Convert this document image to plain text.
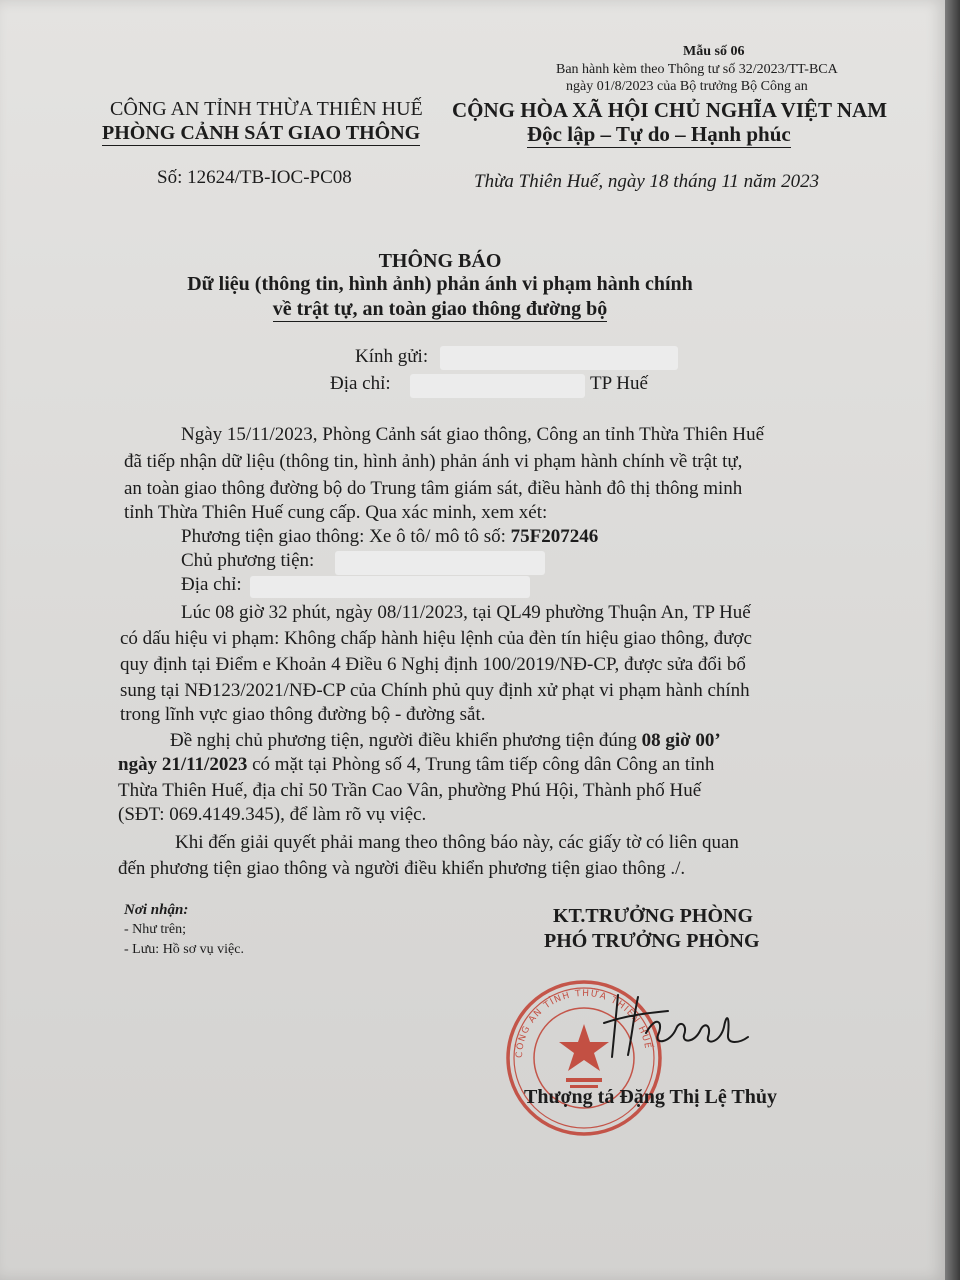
Mẫu số 06
Ban hành kèm theo Thông tư số 32/2023/TT-BCA
ngày 01/8/2023 của Bộ trưởng Bộ Công an
CÔNG AN TỈNH THỪA THIÊN HUẾ
PHÒNG CẢNH SÁT GIAO THÔNG
CỘNG HÒA XÃ HỘI CHỦ NGHĨA VIỆT NAM
Độc lập – Tự do – Hạnh phúc
Số: 12624/TB-IOC-PC08	Thừa Thiên Huế, ngày 18 tháng 11 năm 2023
THÔNG BÁO
Dữ liệu (thông tin, hình ảnh) phản ánh vi phạm hành chính
về trật tự, an toàn giao thông đường bộ
Kính gửi:
Địa chỉ:	TP Huế
Ngày 15/11/2023, Phòng Cảnh sát giao thông, Công an tỉnh Thừa Thiên Huế
đã tiếp nhận dữ liệu (thông tin, hình ảnh) phản ánh vi phạm hành chính về trật tự,
an toàn giao thông đường bộ do Trung tâm giám sát, điều hành đô thị thông minh
tỉnh Thừa Thiên Huế cung cấp. Qua xác minh, xem xét:
Phương tiện giao thông: Xe ô tô/ mô tô số: 75F207246
Chủ phương tiện:
Địa chỉ:
Lúc 08 giờ 32 phút, ngày 08/11/2023, tại QL49 phường Thuận An, TP Huế
có dấu hiệu vi phạm: Không chấp hành hiệu lệnh của đèn tín hiệu giao thông, được
quy định tại Điểm e Khoản 4 Điều 6 Nghị định 100/2019/NĐ-CP, được sửa đổi bổ
sung tại NĐ123/2021/NĐ-CP của Chính phủ quy định xử phạt vi phạm hành chính
trong lĩnh vực giao thông đường bộ - đường sắt.
Đề nghị chủ phương tiện, người điều khiển phương tiện đúng 08 giờ 00’
ngày 21/11/2023 có mặt tại Phòng số 4, Trung tâm tiếp công dân Công an tỉnh
Thừa Thiên Huế, địa chỉ 50 Trần Cao Vân, phường Phú Hội, Thành phố Huế
(SĐT: 069.4149.345), để làm rõ vụ việc.
Khi đến giải quyết phải mang theo thông báo này, các giấy tờ có liên quan
đến phương tiện giao thông và người điều khiển phương tiện giao thông ./.
Nơi nhận:
- Như trên;
- Lưu: Hồ sơ vụ việc.
KT.TRƯỞNG PHÒNG
PHÓ TRƯỞNG PHÒNG
CÔNG AN TỈNH THỪA THIÊN HUẾ
Thượng tá Đặng Thị Lệ Thủy
